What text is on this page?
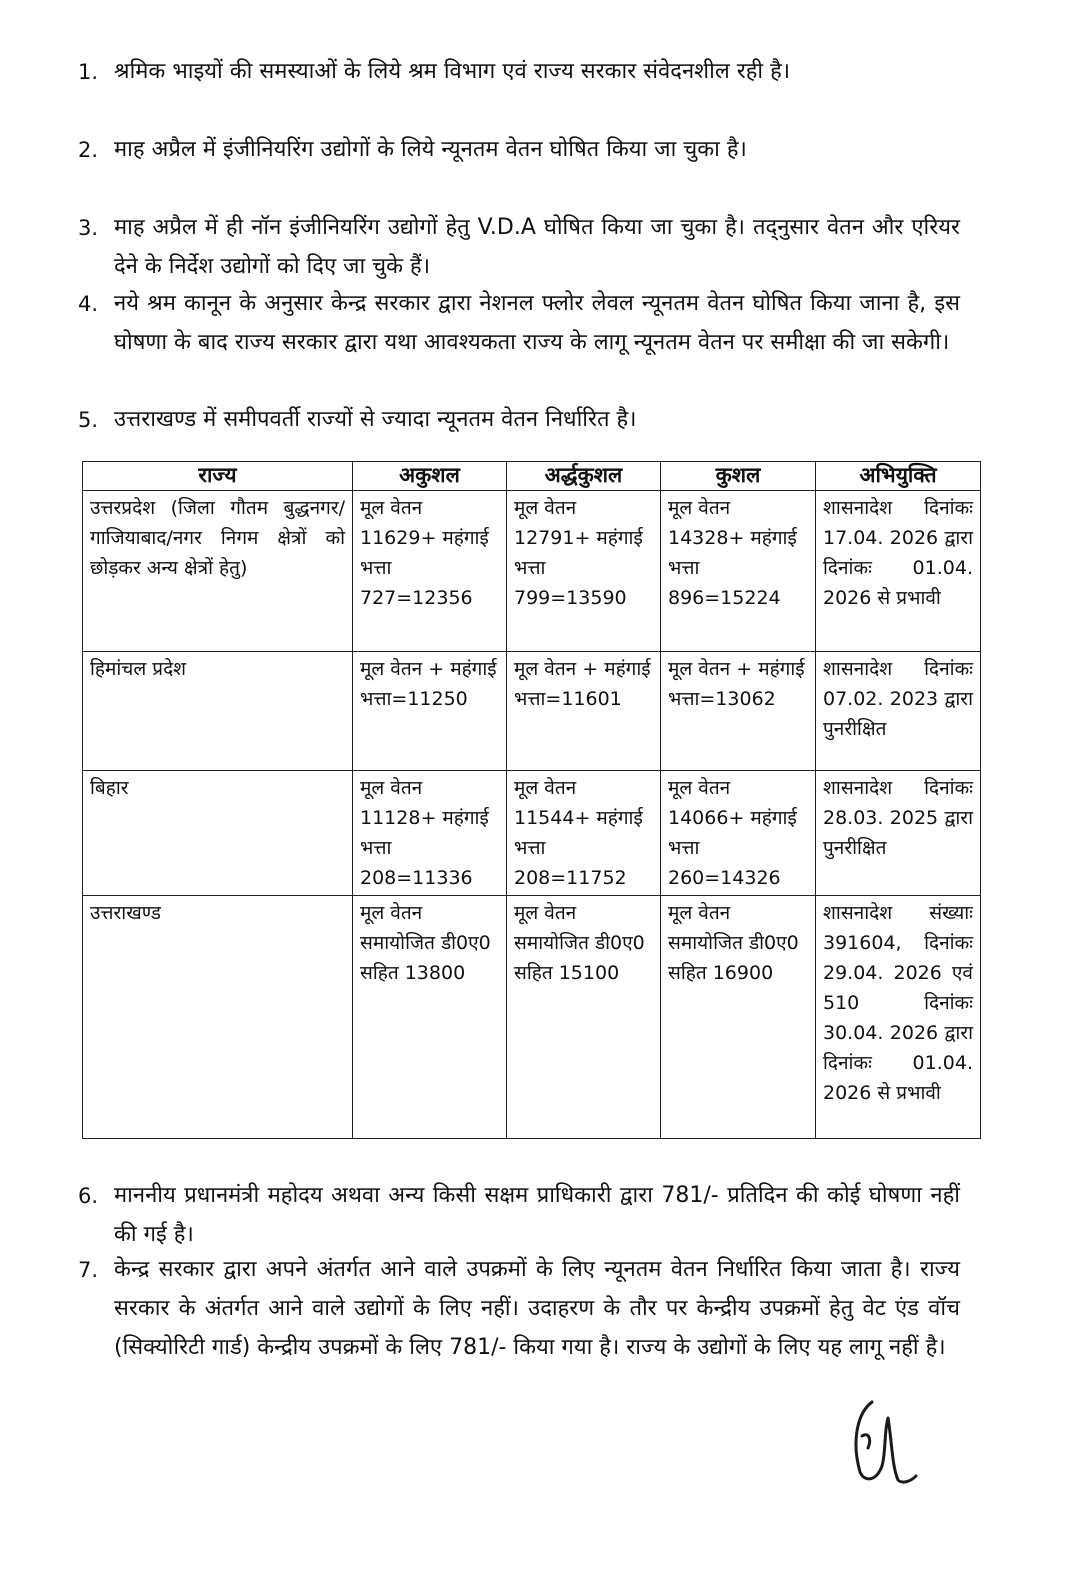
1. श्रमिक भाइयों की समस्याओं के लिये श्रम विभाग एवं राज्य सरकार संवेदनशील रही है।
2. माह अप्रैल में इंजीनियरिंग उद्योगों के लिये न्यूनतम वेतन घोषित किया जा चुका है।
3. माह अप्रैल में ही नॉन इंजीनियरिंग उद्योगों हेतु V.D.A घोषित किया जा चुका है। तद्नुसार वेतन और एरियर देने के निर्देश उद्योगों को दिए जा चुके हैं।
4. नये श्रम कानून के अनुसार केन्द्र सरकार द्वारा नेशनल फ्लोर लेवल न्यूनतम वेतन घोषित किया जाना है, इस घोषणा के बाद राज्य सरकार द्वारा यथा आवश्यकता राज्य के लागू न्यूनतम वेतन पर समीक्षा की जा सकेगी।
5. उत्तराखण्ड में समीपवर्ती राज्यों से ज्यादा न्यूनतम वेतन निर्धारित है।
राज्य	अकुशल	अर्द्धकुशल	कुशल	अभियुक्ति
उत्तरप्रदेश (जिला गौतम बुद्धनगर/ गाजियाबाद/नगर निगम क्षेत्रों को छोड़कर अन्य क्षेत्रों हेतु)	मूल वेतन 11629+ महंगाई भत्ता 727=12356	मूल वेतन 12791+ महंगाई भत्ता 799=13590	मूल वेतन 14328+ महंगाई भत्ता 896=15224	शासनादेश दिनांकः 17.04. 2026 द्वारा दिनांकः 01.04. 2026 से प्रभावी
हिमांचल प्रदेश	मूल वेतन + महंगाई भत्ता=11250	मूल वेतन + महंगाई भत्ता=11601	मूल वेतन + महंगाई भत्ता=13062	शासनादेश दिनांकः 07.02. 2023 द्वारा पुनरीक्षित
बिहार	मूल वेतन 11128+ महंगाई भत्ता 208=11336	मूल वेतन 11544+ महंगाई भत्ता 208=11752	मूल वेतन 14066+ महंगाई भत्ता 260=14326	शासनादेश दिनांकः 28.03. 2025 द्वारा पुनरीक्षित
उत्तराखण्ड	मूल वेतन समायोजित डी0ए0 सहित 13800	मूल वेतन समायोजित डी0ए0 सहित 15100	मूल वेतन समायोजित डी0ए0 सहित 16900	शासनादेश संख्याः 391604, दिनांकः 29.04. 2026 एवं 510 दिनांकः 30.04. 2026 द्वारा दिनांकः 01.04. 2026 से प्रभावी
6. माननीय प्रधानमंत्री महोदय अथवा अन्य किसी सक्षम प्राधिकारी द्वारा 781/- प्रतिदिन की कोई घोषणा नहीं की गई है।
7. केन्द्र सरकार द्वारा अपने अंतर्गत आने वाले उपक्रमों के लिए न्यूनतम वेतन निर्धारित किया जाता है। राज्य सरकार के अंतर्गत आने वाले उद्योगों के लिए नहीं। उदाहरण के तौर पर केन्द्रीय उपक्रमों हेतु वेट एंड वॉच (सिक्योरिटी गार्ड) केन्द्रीय उपक्रमों के लिए 781/- किया गया है। राज्य के उद्योगों के लिए यह लागू नहीं है।
